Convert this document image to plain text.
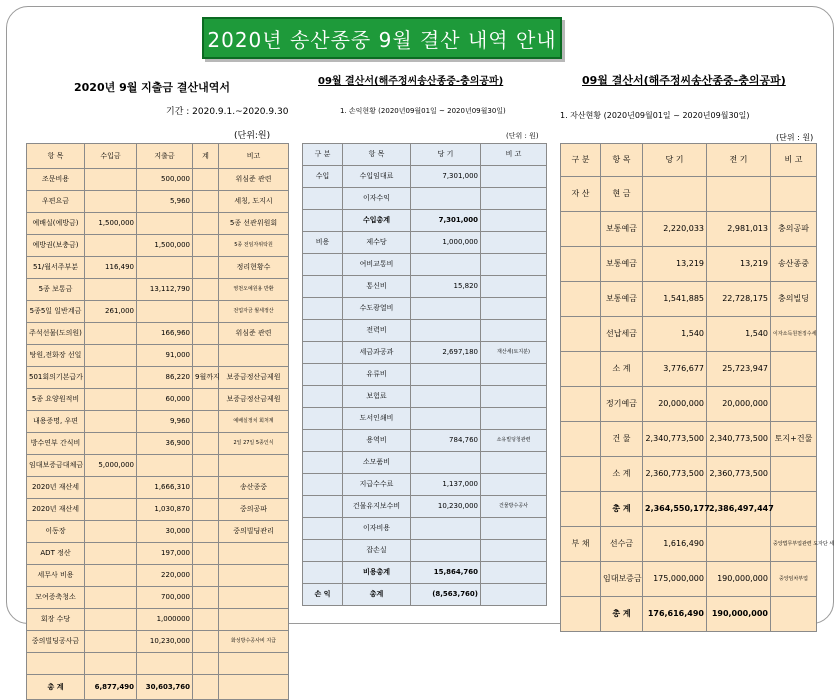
2020년 송산종중 9월 결산 내역 안내
2020년 9월 지출금 결산내역서
기간 : 2020.9.1.~2020.9.30
(단위:원)
항 목	수입금	지출금	계	비고
조문비용		500,000		위심준 관련
우편요금		5,960		세칭, 도지시
예배실(예방금)	1,500,000			5종 선관위원회
예방권(보충금)		1,500,000		5종 전임자위탁원
51/월서주부분	116,490			정리현황수
5종 보통금		13,112,790		영천오예원용 반환
5종5일 일반계금	261,000			전업자금 월세정산
주석선물(도의원)		166,960		위심준 관련
탕원,전화장 선일		91,000		
501회의기본급가		86,220	9월까지	보증금정산금제원
5종 요양원적비		60,000		보증금정산금제원
내용증명, 우편		9,960		예배실정치 회처계
방수연부 간식비		36,900		2일 27일 5종인식
임대보증금대체금	5,000,000			
2020년 재산세		1,666,310		송산종중
2020년 재산세		1,030,870		중의공파
이동장		30,000		중의빌딩관리
ADT 정산		197,000		
세무사 비용		220,000		
모여증축청소		700,000		
회장 수당		1,000000		
중의빌딩공사금		10,230,000		화성방수공사비 지급

총 계	6,877,490	30,603,760		
09월 결산서(해주정씨송산종중-충의공파)
1. 손익현황 (2020년09월01일 ~ 2020년09월30일)
(단위 : 원)
구 분	항 목	당 기	비 고
수입	수입임대료	7,301,000	
	이자수익		
	수입총계	7,301,000	
비용	제수당	1,000,000	
	여비교통비		
	통신비	15,820	
	수도광열비		
	전력비		
	세금과공과	2,697,180	재산세(토지분)
	유류비		
	보험료		
	도서인쇄비		
	용역비	784,760	소유빌딩청관련
	소모품비		
	지급수수료	1,137,000	
	건물유지보수비	10,230,000	건물방수공사
	이자비용		
	잡손실		
	비용총계	15,864,760	
손 익	총계	(8,563,760)	
09월 결산서(해주정씨송산종중-충의공파)
1. 자산현황 (2020년09월01일 ~ 2020년09월30일)
(단위 : 원)
구 분	항 목	당 기	전 기	비 고
자 산	현 금			
	보통예금	2,220,033	2,981,013	충의공파
	보통예금	13,219	13,219	송산종중
	보통예금	1,541,885	22,728,175	충의빌딩
	선납세금	1,540	1,540	이자소득원천징수세
	소 계	3,776,677	25,723,947	
	정기예금	20,000,000	20,000,000	
	건 물	2,340,773,500	2,340,773,500	토지+건물
	소 계	2,360,773,500	2,360,773,500	
	총 계	2,364,550,177	2,386,497,447	
부 채	선수금	1,616,490		중앙법무부업관련 도자단 세
	임대보증금	175,000,000	190,000,000	중앙임차부업
	총 계	176,616,490	190,000,000	
